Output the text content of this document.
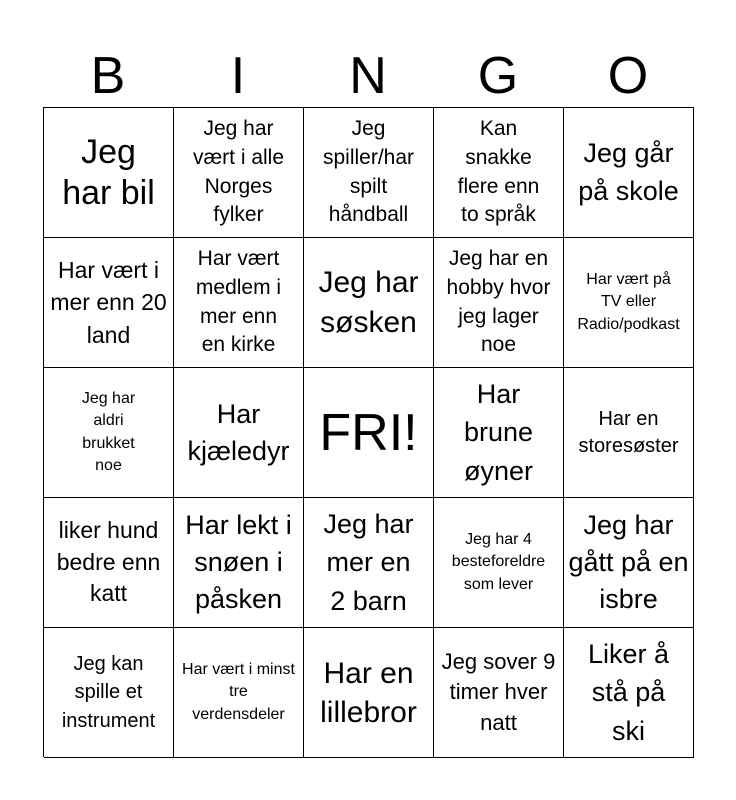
B	I	N	G	O
Jeg har bil
Jeg har vært i alle Norges fylker
Jeg spiller/har spilt håndball
Kan snakke flere enn to språk
Jeg går på skole
Har vært i mer enn 20 land
Har vært medlem i mer enn en kirke
Jeg har søsken
Jeg har en hobby hvor jeg lager noe
Har vært på TV eller Radio/podkast
Jeg har aldri brukket noe
Har kjæledyr FRI!
Har brune øyner
Har en storesøster
liker hund bedre enn katt
Har lekt i snøen i påsken
Jeg har mer en 2 barn
Jeg har 4 besteforeldre som lever
Jeg har gått på en isbre
Jeg kan spille et instrument
Har vært i minst tre verdensdeler
Har en lillebror
Jeg sover 9 timer hver natt
Liker å stå på ski
